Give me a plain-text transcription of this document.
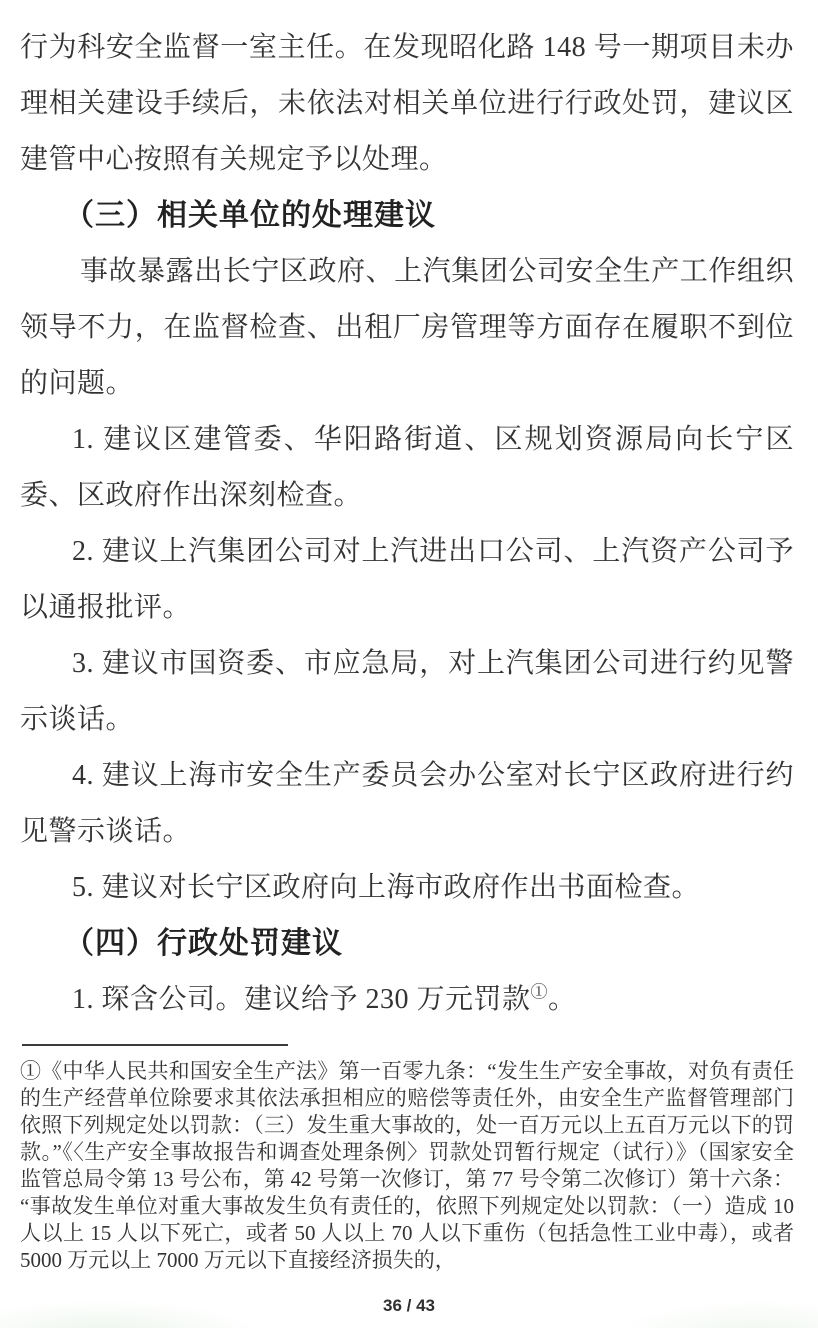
行为科安全监督一室主任。在发现昭化路 148 号一期项目未办理相关建设手续后，未依法对相关单位进行行政处罚，建议区建管中心按照有关规定予以处理。

（三）相关单位的处理建议

事故暴露出长宁区政府、上汽集团公司安全生产工作组织领导不力，在监督检查、出租厂房管理等方面存在履职不到位的问题。

1. 建议区建管委、华阳路街道、区规划资源局向长宁区委、区政府作出深刻检查。

2. 建议上汽集团公司对上汽进出口公司、上汽资产公司予以通报批评。

3. 建议市国资委、市应急局，对上汽集团公司进行约见警示谈话。

4. 建议上海市安全生产委员会办公室对长宁区政府进行约见警示谈话。

5. 建议对长宁区政府向上海市政府作出书面检查。

（四）行政处罚建议

1. 琛含公司。建议给予 230 万元罚款①。

①《中华人民共和国安全生产法》第一百零九条：“发生生产安全事故，对负有责任的生产经营单位除要求其依法承担相应的赔偿等责任外，由安全生产监督管理部门依照下列规定处以罚款：（三）发生重大事故的，处一百万元以上五百万元以下的罚款。”《〈生产安全事故报告和调查处理条例〉罚款处罚暂行规定（试行）》（国家安全监管总局令第 13 号公布，第 42 号第一次修订，第 77 号令第二次修订）第十六条：“事故发生单位对重大事故发生负有责任的，依照下列规定处以罚款：（一）造成 10 人以上 15 人以下死亡，或者 50 人以上 70 人以下重伤（包括急性工业中毒），或者 5000 万元以上 7000 万元以下直接经济损失的，

36 / 43
